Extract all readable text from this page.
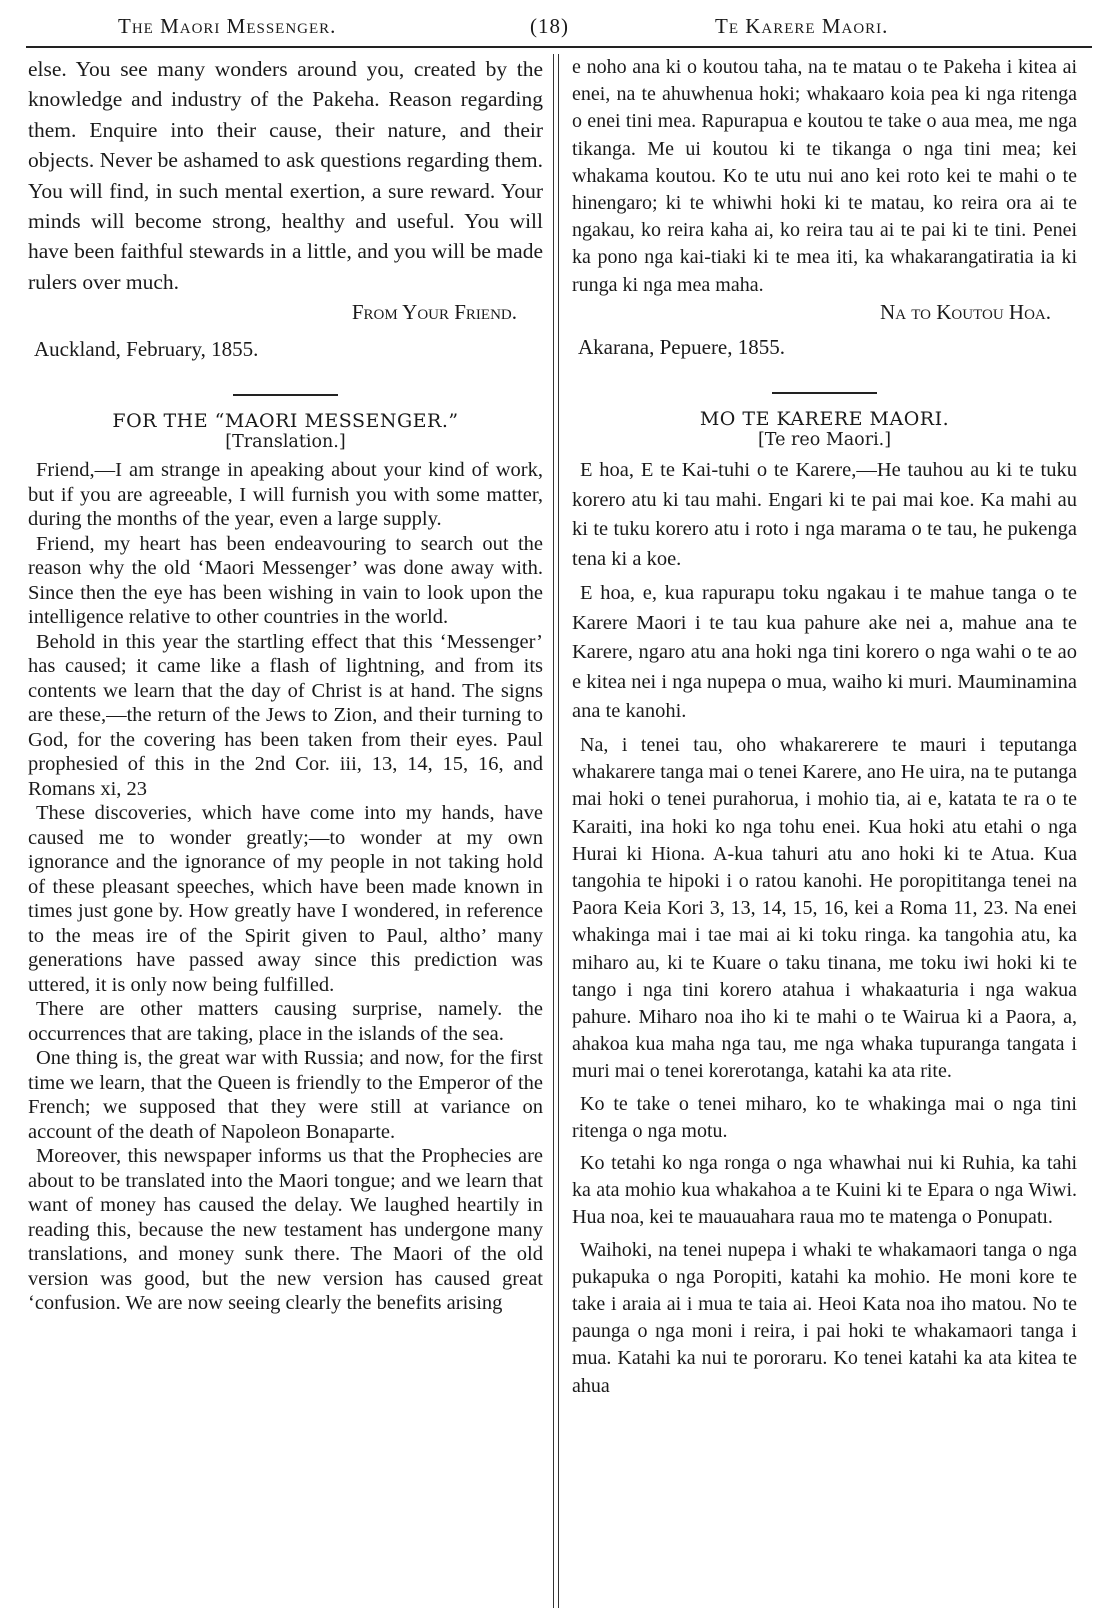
The Maori Messenger.	(18)	Te Karere Maori.

else. You see many wonders around you, created by the knowledge and industry of the Pakeha. Reason regarding them. Enquire into their cause, their nature, and their objects. Never be ashamed to ask questions regarding them. You will find, in such mental exertion, a sure reward. Your minds will become strong, healthy and useful. You will have been faithful stewards in a little, and you will be made rulers over much.

From Your Friend.

Auckland, February, 1855.

FOR THE “MAORI MESSENGER.”

[Translation.]

Friend,—I am strange in apeaking about your kind of work, but if you are agreeable, I will furnish you with some matter, during the months of the year, even a large supply.

Friend, my heart has been endeavouring to search out the reason why the old ‘Maori Messenger’ was done away with. Since then the eye has been wishing in vain to look upon the intelligence relative to other countries in the world.

Behold in this year the startling effect that this ‘Messenger’ has caused; it came like a flash of lightning, and from its contents we learn that the day of Christ is at hand. The signs are these,—the return of the Jews to Zion, and their turning to God, for the covering has been taken from their eyes. Paul prophesied of this in the 2nd Cor. iii, 13, 14, 15, 16, and Romans xi, 23

These discoveries, which have come into my hands, have caused me to wonder greatly;—to wonder at my own ignorance and the ignorance of my people in not taking hold of these pleasant speeches, which have been made known in times just gone by. How greatly have I wondered, in reference to the meas ire of the Spirit given to Paul, altho’ many generations have passed away since this prediction was uttered, it is only now being fulfilled.

There are other matters causing surprise, namely. the occurrences that are taking, place in the islands of the sea.

One thing is, the great war with Russia; and now, for the first time we learn, that the Queen is friendly to the Emperor of the French; we supposed that they were still at variance on account of the death of Napoleon Bonaparte.

Moreover, this newspaper informs us that the Prophecies are about to be translated into the Maori tongue; and we learn that want of money has caused the delay. We laughed heartily in reading this, because the new testament has undergone many translations, and money sunk there. The Maori of the old version was good, but the new version has caused great ‘confusion. We are now seeing clearly the benefits arising

e noho ana ki o koutou taha, na te matau o te Pakeha i kitea ai enei, na te ahuwhenua hoki; whakaaro koia pea ki nga ritenga o enei tini mea. Rapurapua e koutou te take o aua mea, me nga tikanga. Me ui koutou ki te tikanga o nga tini mea; kei whakama koutou. Ko te utu nui ano kei roto kei te mahi o te hinengaro; ki te whiwhi hoki ki te matau, ko reira ora ai te ngakau, ko reira kaha ai, ko reira tau ai te pai ki te tini. Penei ka pono nga kai-tiaki ki te mea iti, ka whakarangatiratia ia ki runga ki nga mea maha.

Na to Koutou Hoa.

Akarana, Pepuere, 1855.

MO TE KARERE MAORI.

[Te reo Maori.]

E hoa, E te Kai-tuhi o te Karere,—He tauhou au ki te tuku korero atu ki tau mahi. Engari ki te pai mai koe. Ka mahi au ki te tuku korero atu i roto i nga marama o te tau, he pukenga tena ki a koe.

E hoa, e, kua rapurapu toku ngakau i te mahue tanga o te Karere Maori i te tau kua pahure ake nei a, mahue ana te Karere, ngaro atu ana hoki nga tini korero o nga wahi o te ao e kitea nei i nga nupepa o mua, waiho ki muri. Mauminamina ana te kanohi.

Na, i tenei tau, oho whakarerere te mauri i teputanga whakarere tanga mai o tenei Karere, ano He uira, na te putanga mai hoki o tenei purahorua, i mohio tia, ai e, katata te ra o te Karaiti, ina hoki ko nga tohu enei. Kua hoki atu etahi o nga Hurai ki Hiona. A-kua tahuri atu ano hoki ki te Atua. Kua tangohia te hipoki i o ratou kanohi. He poropititanga tenei na Paora Keia Kori 3, 13, 14, 15, 16, kei a Roma 11, 23. Na enei whakinga mai i tae mai ai ki toku ringa. ka tangohia atu, ka miharo au, ki te Kuare o taku tinana, me toku iwi hoki ki te tango i nga tini korero atahua i whakaaturia i nga wakua pahure. Miharo noa iho ki te mahi o te Wairua ki a Paora, a, ahakoa kua maha nga tau, me nga whaka tupuranga tangata i muri mai o tenei korerotanga, katahi ka ata rite.

Ko te take o tenei miharo, ko te whakinga mai o nga tini ritenga o nga motu.

Ko tetahi ko nga ronga o nga whawhai nui ki Ruhia, ka tahi ka ata mohio kua whakahoa a te Kuini ki te Epara o nga Wiwi. Hua noa, kei te mauauahara raua mo te matenga o Ponupatı.

Waihoki, na tenei nupepa i whaki te whakamaori tanga o nga pukapuka o nga Poropiti, katahi ka mohio. He moni kore te take i araia ai i mua te taia ai. Heoi Kata noa iho matou. No te paunga o nga moni i reira, i pai hoki te whakamaori tanga i mua. Katahi ka nui te pororaru. Ko tenei katahi ka ata kitea te ahua
